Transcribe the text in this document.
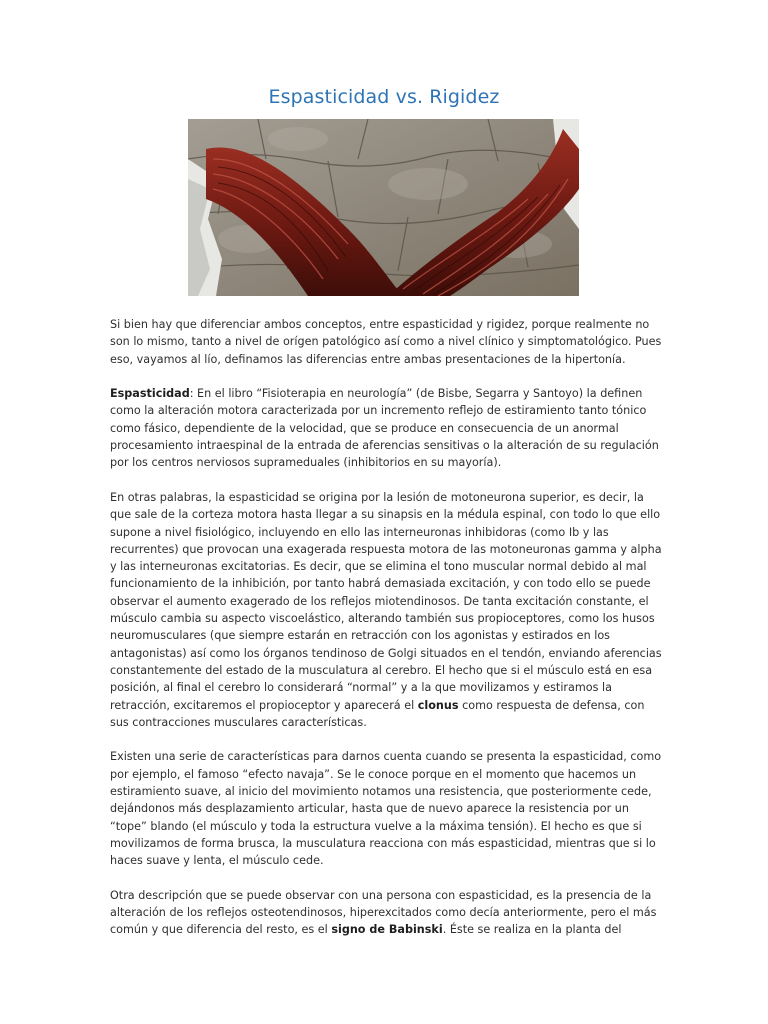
Espasticidad vs. Rigidez

Si bien hay que diferenciar ambos conceptos, entre espasticidad y rigidez, porque realmente no son lo mismo, tanto a nivel de orígen patológico así como a nivel clínico y simptomatológico. Pues eso, vayamos al lío, definamos las diferencias entre ambas presentaciones de la hipertonía.

Espasticidad: En el libro “Fisioterapia en neurología” (de Bisbe, Segarra y Santoyo) la definen como la alteración motora caracterizada por un incremento reflejo de estiramiento tanto tónico como fásico, dependiente de la velocidad, que se produce en consecuencia de un anormal procesamiento intraespinal de la entrada de aferencias sensitivas o la alteración de su regulación por los centros nerviosos suprameduales (inhibitorios en su mayoría).

En otras palabras, la espasticidad se origina por la lesión de motoneurona superior, es decir, la que sale de la corteza motora hasta llegar a su sinapsis en la médula espinal, con todo lo que ello supone a nivel fisiológico, incluyendo en ello las interneuronas inhibidoras (como Ib y las recurrentes) que provocan una exagerada respuesta motora de las motoneuronas gamma y alpha y las interneuronas excitatorias. Es decir, que se elimina el tono muscular normal debido al mal funcionamiento de la inhibición, por tanto habrá demasiada excitación, y con todo ello se puede observar el aumento exagerado de los reflejos miotendinosos. De tanta excitación constante, el músculo cambia su aspecto viscoelástico, alterando también sus propioceptores, como los husos neuromusculares (que siempre estarán en retracción con los agonistas y estirados en los antagonistas) así como los órganos tendinoso de Golgi situados en el tendón, enviando aferencias constantemente del estado de la musculatura al cerebro. El hecho que si el músculo está en esa posición, al final el cerebro lo considerará “normal” y a la que movilizamos y estiramos la retracción, excitaremos el propioceptor y aparecerá el clonus como respuesta de defensa, con sus contracciones musculares características.

Existen una serie de características para darnos cuenta cuando se presenta la espasticidad, como por ejemplo, el famoso “efecto navaja”. Se le conoce porque en el momento que hacemos un estiramiento suave, al inicio del movimiento notamos una resistencia, que posteriormente cede, dejándonos más desplazamiento articular, hasta que de nuevo aparece la resistencia por un “tope” blando (el músculo y toda la estructura vuelve a la máxima tensión). El hecho es que si movilizamos de forma brusca, la musculatura reacciona con más espasticidad, mientras que si lo haces suave y lenta, el músculo cede.

Otra descripción que se puede observar con una persona con espasticidad, es la presencia de la alteración de los reflejos osteotendinosos, hiperexcitados como decía anteriormente, pero el más común y que diferencia del resto, es el signo de Babinski. Éste se realiza en la planta del
